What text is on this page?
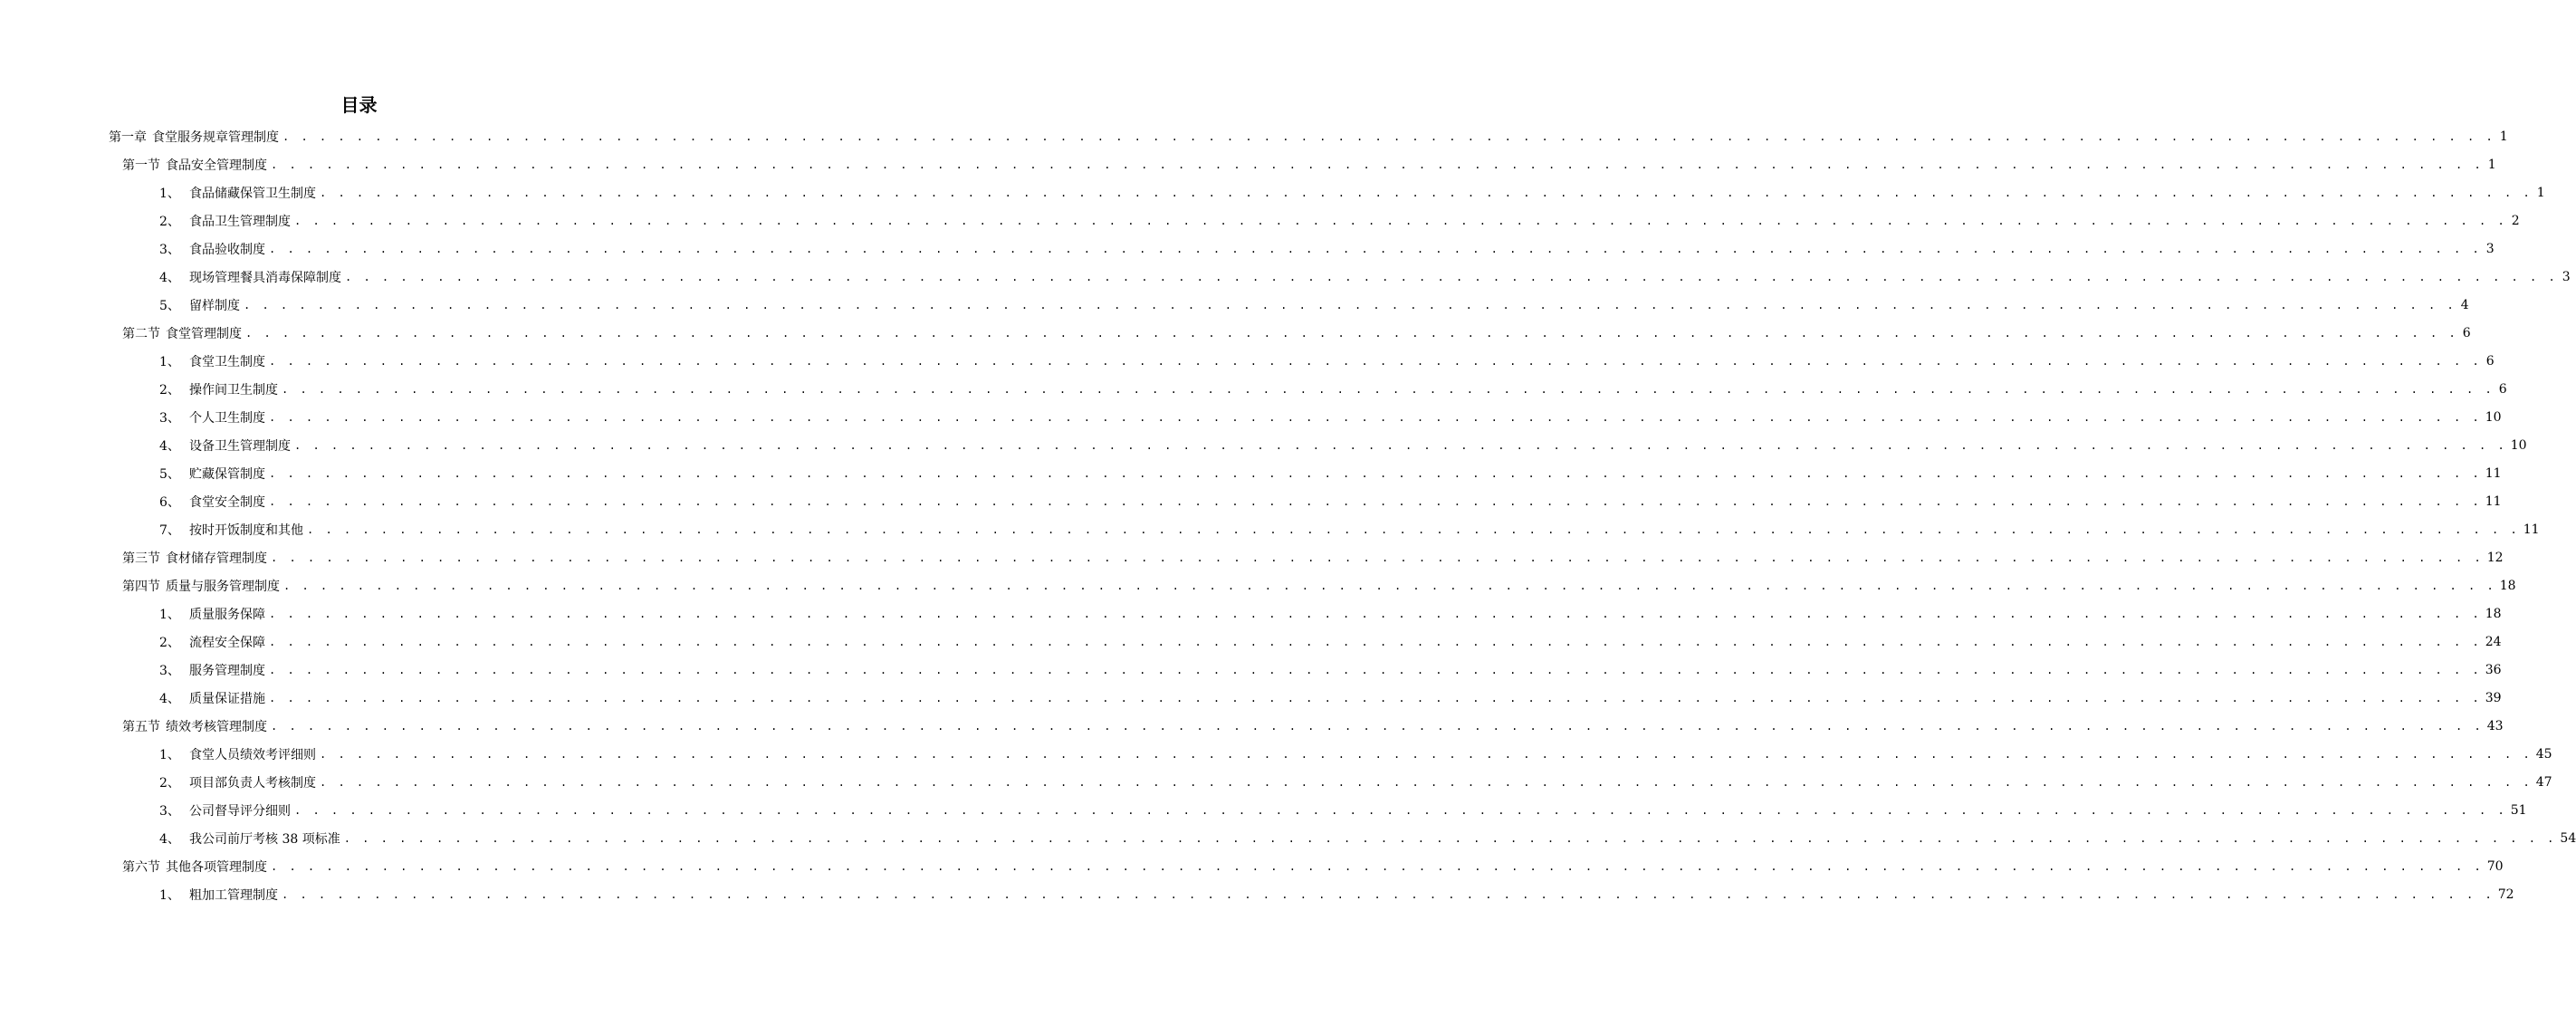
目录
第一章 食堂服务规章管理制度 . . . . . . . . . . . . . . . . . . . . . . . . . . . . . . . . . . . . . . . . . . . . . . . . . . . . . . . . . . . . . . . . . . . . . . . . . . . . . . . . . . . . . . . . . . . . . . . . . . . . . . . . . . . . . . . . . . . . . . . . 1
第一节 食品安全管理制度 . . . . . . . . . . . . . . . . . . . . . . . . . . . . . . . . . . . . . . . . . . . . . . . . . . . . . . . . . . . . . . . . . . . . . . . . . . . . . . . . . . . . . . . . . . . . . . . . . . . . . . . . . . . . . . . . . . . . . . . . 1
1、 食品储藏保管卫生制度 . . . . . . . . . . . . . . . . . . . . . . . . . . . . . . . . . . . . . . . . . . . . . . . . . . . . . . . . . . . . . . . . . . . . . . . . . . . . . . . . . . . . . . . . . . . . . . . . . . . . . . . . . . . . . . . . . . . . . . . . 1
2、 食品卫生管理制度 . . . . . . . . . . . . . . . . . . . . . . . . . . . . . . . . . . . . . . . . . . . . . . . . . . . . . . . . . . . . . . . . . . . . . . . . . . . . . . . . . . . . . . . . . . . . . . . . . . . . . . . . . . . . . . . . . . . . . . . . 2
3、 食品验收制度 . . . . . . . . . . . . . . . . . . . . . . . . . . . . . . . . . . . . . . . . . . . . . . . . . . . . . . . . . . . . . . . . . . . . . . . . . . . . . . . . . . . . . . . . . . . . . . . . . . . . . . . . . . . . . . . . . . . . . . . . 3
4、 现场管理餐具消毒保障制度 . . . . . . . . . . . . . . . . . . . . . . . . . . . . . . . . . . . . . . . . . . . . . . . . . . . . . . . . . . . . . . . . . . . . . . . . . . . . . . . . . . . . . . . . . . . . . . . . . . . . . . . . . . . . . . . . . . . . . . . . 3
5、 留样制度 . . . . . . . . . . . . . . . . . . . . . . . . . . . . . . . . . . . . . . . . . . . . . . . . . . . . . . . . . . . . . . . . . . . . . . . . . . . . . . . . . . . . . . . . . . . . . . . . . . . . . . . . . . . . . . . . . . . . . . . . 4
第二节 食堂管理制度 . . . . . . . . . . . . . . . . . . . . . . . . . . . . . . . . . . . . . . . . . . . . . . . . . . . . . . . . . . . . . . . . . . . . . . . . . . . . . . . . . . . . . . . . . . . . . . . . . . . . . . . . . . . . . . . . . . . . . . . . 6
1、 食堂卫生制度 . . . . . . . . . . . . . . . . . . . . . . . . . . . . . . . . . . . . . . . . . . . . . . . . . . . . . . . . . . . . . . . . . . . . . . . . . . . . . . . . . . . . . . . . . . . . . . . . . . . . . . . . . . . . . . . . . . . . . . . . 6
2、 操作间卫生制度 . . . . . . . . . . . . . . . . . . . . . . . . . . . . . . . . . . . . . . . . . . . . . . . . . . . . . . . . . . . . . . . . . . . . . . . . . . . . . . . . . . . . . . . . . . . . . . . . . . . . . . . . . . . . . . . . . . . . . . . . 6
3、 个人卫生制度 . . . . . . . . . . . . . . . . . . . . . . . . . . . . . . . . . . . . . . . . . . . . . . . . . . . . . . . . . . . . . . . . . . . . . . . . . . . . . . . . . . . . . . . . . . . . . . . . . . . . . . . . . . . . . . . . . . . . . . . . 10
4、 设备卫生管理制度 . . . . . . . . . . . . . . . . . . . . . . . . . . . . . . . . . . . . . . . . . . . . . . . . . . . . . . . . . . . . . . . . . . . . . . . . . . . . . . . . . . . . . . . . . . . . . . . . . . . . . . . . . . . . . . . . . . . . . . . . 10
5、 贮藏保管制度 . . . . . . . . . . . . . . . . . . . . . . . . . . . . . . . . . . . . . . . . . . . . . . . . . . . . . . . . . . . . . . . . . . . . . . . . . . . . . . . . . . . . . . . . . . . . . . . . . . . . . . . . . . . . . . . . . . . . . . . . 11
6、 食堂安全制度 . . . . . . . . . . . . . . . . . . . . . . . . . . . . . . . . . . . . . . . . . . . . . . . . . . . . . . . . . . . . . . . . . . . . . . . . . . . . . . . . . . . . . . . . . . . . . . . . . . . . . . . . . . . . . . . . . . . . . . . . 11
7、 按时开饭制度和其他 . . . . . . . . . . . . . . . . . . . . . . . . . . . . . . . . . . . . . . . . . . . . . . . . . . . . . . . . . . . . . . . . . . . . . . . . . . . . . . . . . . . . . . . . . . . . . . . . . . . . . . . . . . . . . . . . . . . . . . . . 11
第三节 食材储存管理制度 . . . . . . . . . . . . . . . . . . . . . . . . . . . . . . . . . . . . . . . . . . . . . . . . . . . . . . . . . . . . . . . . . . . . . . . . . . . . . . . . . . . . . . . . . . . . . . . . . . . . . . . . . . . . . . . . . . . . . . . . 12
第四节 质量与服务管理制度 . . . . . . . . . . . . . . . . . . . . . . . . . . . . . . . . . . . . . . . . . . . . . . . . . . . . . . . . . . . . . . . . . . . . . . . . . . . . . . . . . . . . . . . . . . . . . . . . . . . . . . . . . . . . . . . . . . . . . . . . 18
1、 质量服务保障 . . . . . . . . . . . . . . . . . . . . . . . . . . . . . . . . . . . . . . . . . . . . . . . . . . . . . . . . . . . . . . . . . . . . . . . . . . . . . . . . . . . . . . . . . . . . . . . . . . . . . . . . . . . . . . . . . . . . . . . . 18
2、 流程安全保障 . . . . . . . . . . . . . . . . . . . . . . . . . . . . . . . . . . . . . . . . . . . . . . . . . . . . . . . . . . . . . . . . . . . . . . . . . . . . . . . . . . . . . . . . . . . . . . . . . . . . . . . . . . . . . . . . . . . . . . . . 24
3、 服务管理制度 . . . . . . . . . . . . . . . . . . . . . . . . . . . . . . . . . . . . . . . . . . . . . . . . . . . . . . . . . . . . . . . . . . . . . . . . . . . . . . . . . . . . . . . . . . . . . . . . . . . . . . . . . . . . . . . . . . . . . . . . 36
4、 质量保证措施 . . . . . . . . . . . . . . . . . . . . . . . . . . . . . . . . . . . . . . . . . . . . . . . . . . . . . . . . . . . . . . . . . . . . . . . . . . . . . . . . . . . . . . . . . . . . . . . . . . . . . . . . . . . . . . . . . . . . . . . . 39
第五节 绩效考核管理制度 . . . . . . . . . . . . . . . . . . . . . . . . . . . . . . . . . . . . . . . . . . . . . . . . . . . . . . . . . . . . . . . . . . . . . . . . . . . . . . . . . . . . . . . . . . . . . . . . . . . . . . . . . . . . . . . . . . . . . . . . 43
1、 食堂人员绩效考评细则 . . . . . . . . . . . . . . . . . . . . . . . . . . . . . . . . . . . . . . . . . . . . . . . . . . . . . . . . . . . . . . . . . . . . . . . . . . . . . . . . . . . . . . . . . . . . . . . . . . . . . . . . . . . . . . . . . . . . . . . . 45
2、 项目部负责人考核制度 . . . . . . . . . . . . . . . . . . . . . . . . . . . . . . . . . . . . . . . . . . . . . . . . . . . . . . . . . . . . . . . . . . . . . . . . . . . . . . . . . . . . . . . . . . . . . . . . . . . . . . . . . . . . . . . . . . . . . . . . 47
3、 公司督导评分细则 . . . . . . . . . . . . . . . . . . . . . . . . . . . . . . . . . . . . . . . . . . . . . . . . . . . . . . . . . . . . . . . . . . . . . . . . . . . . . . . . . . . . . . . . . . . . . . . . . . . . . . . . . . . . . . . . . . . . . . . . 51
4、 我公司前厅考核 38 项标准 . . . . . . . . . . . . . . . . . . . . . . . . . . . . . . . . . . . . . . . . . . . . . . . . . . . . . . . . . . . . . . . . . . . . . . . . . . . . . . . . . . . . . . . . . . . . . . . . . . . . . . . . . . . . . . . . . . . . . . . . 54
第六节 其他各项管理制度 . . . . . . . . . . . . . . . . . . . . . . . . . . . . . . . . . . . . . . . . . . . . . . . . . . . . . . . . . . . . . . . . . . . . . . . . . . . . . . . . . . . . . . . . . . . . . . . . . . . . . . . . . . . . . . . . . . . . . . . . 70
1、 粗加工管理制度 . . . . . . . . . . . . . . . . . . . . . . . . . . . . . . . . . . . . . . . . . . . . . . . . . . . . . . . . . . . . . . . . . . . . . . . . . . . . . . . . . . . . . . . . . . . . . . . . . . . . . . . . . . . . . . . . . . . . . . . . 72
